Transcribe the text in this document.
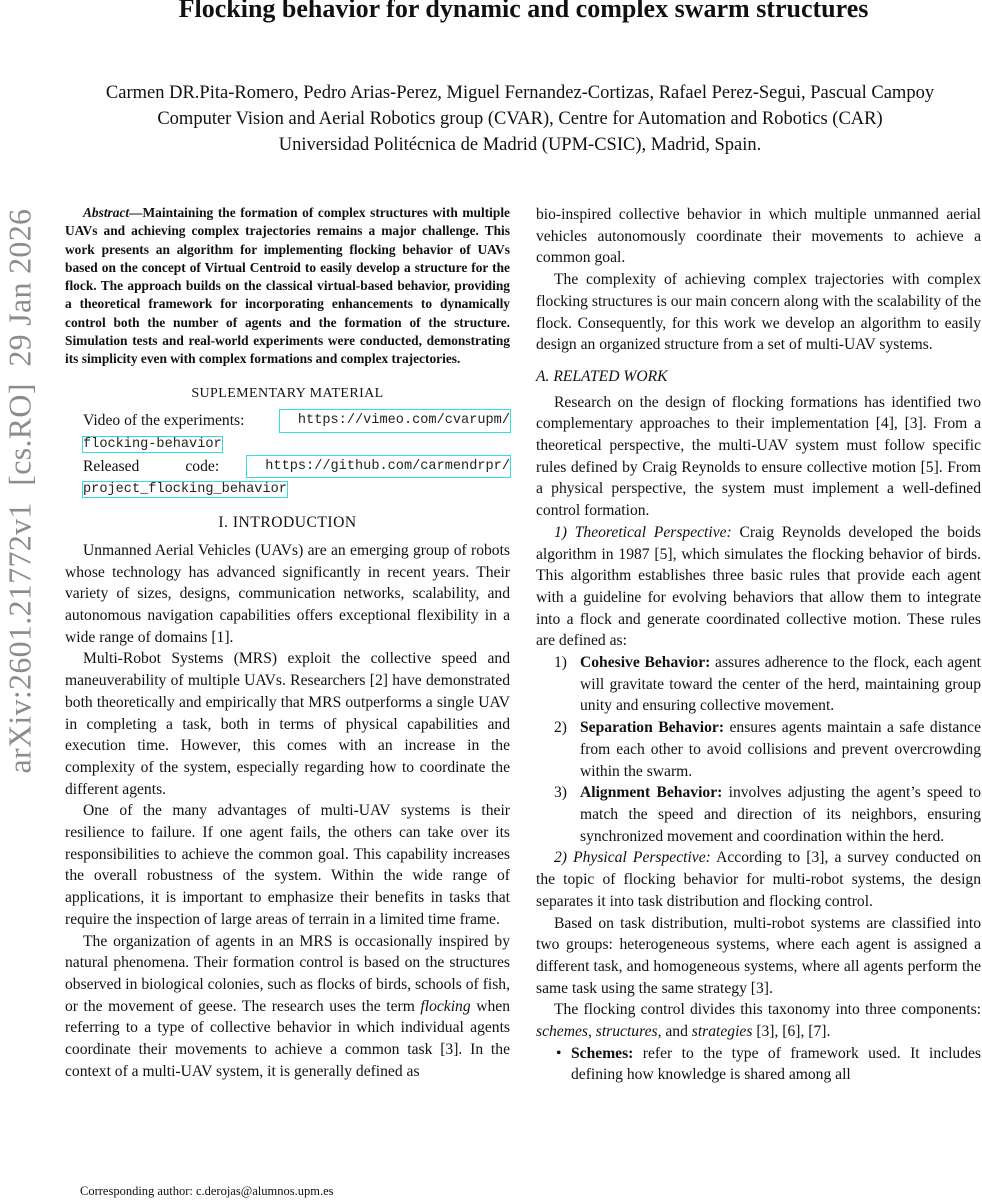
Flocking behavior for dynamic and complex swarm structures
Carmen DR.Pita-Romero, Pedro Arias-Perez, Miguel Fernandez-Cortizas, Rafael Perez-Segui, Pascual Campoy
Computer Vision and Aerial Robotics group (CVAR), Centre for Automation and Robotics (CAR)
Universidad Politécnica de Madrid (UPM-CSIC), Madrid, Spain.
arXiv:2601.21772v1  [cs.RO]  29 Jan 2026	Abstract—Maintaining the formation of complex structures with multiple UAVs and achieving complex trajectories remains a major challenge. This work presents an algorithm for implementing flocking behavior of UAVs based on the concept of Virtual Centroid to easily develop a structure for the flock. The approach builds on the classical virtual-based behavior, providing a theoretical framework for incorporating enhancements to dynamically control both the number of agents and the formation of the structure. Simulation tests and real-world experiments were conducted, demonstrating its simplicity even with complex formations and complex trajectories.

SUPLEMENTARY MATERIAL

Video of the experiments:	https://vimeo.com/cvarupm/

flocking-behavior

Released	code:	https://github.com/carmendrpr/

project_flocking_behavior

I. INTRODUCTION

Unmanned Aerial Vehicles (UAVs) are an emerging group of robots whose technology has advanced significantly in recent years. Their variety of sizes, designs, communication networks, scalability, and autonomous navigation capabilities offers exceptional flexibility in a wide range of domains [1].

Multi-Robot Systems (MRS) exploit the collective speed and maneuverability of multiple UAVs. Researchers [2] have demonstrated both theoretically and empirically that MRS outperforms a single UAV in completing a task, both in terms of physical capabilities and execution time. However, this comes with an increase in the complexity of the system, especially regarding how to coordinate the different agents.

One of the many advantages of multi-UAV systems is their resilience to failure. If one agent fails, the others can take over its responsibilities to achieve the common goal. This capability increases the overall robustness of the system. Within the wide range of applications, it is important to emphasize their benefits in tasks that require the inspection of large areas of terrain in a limited time frame.

The organization of agents in an MRS is occasionally inspired by natural phenomena. Their formation control is based on the structures observed in biological colonies, such as flocks of birds, schools of fish, or the movement of geese. The research uses the term flocking when referring to a type of collective behavior in which individual agents coordinate their movements to achieve a common task [3]. In the context of a multi-UAV system, it is generally defined as

bio-inspired collective behavior in which multiple unmanned aerial vehicles autonomously coordinate their movements to achieve a common goal.

The complexity of achieving complex trajectories with complex flocking structures is our main concern along with the scalability of the flock. Consequently, for this work we develop an algorithm to easily design an organized structure from a set of multi-UAV systems.

A. RELATED WORK

Research on the design of flocking formations has identified two complementary approaches to their implementation [4], [3]. From a theoretical perspective, the multi-UAV system must follow specific rules defined by Craig Reynolds to ensure collective motion [5]. From a physical perspective, the system must implement a well-defined control formation.

1) Theoretical Perspective: Craig Reynolds developed the boids algorithm in 1987 [5], which simulates the flocking behavior of birds. This algorithm establishes three basic rules that provide each agent with a guideline for evolving behaviors that allow them to integrate into a flock and generate coordinated collective motion. These rules are defined as:

1) Cohesive Behavior: assures adherence to the flock, each agent will gravitate toward the center of the herd, maintaining group unity and ensuring collective movement.
2) Separation Behavior: ensures agents maintain a safe distance from each other to avoid collisions and prevent overcrowding within the swarm.
3) Alignment Behavior: involves adjusting the agent’s speed to match the speed and direction of its neighbors, ensuring synchronized movement and coordination within the herd.

2) Physical Perspective: According to [3], a survey conducted on the topic of flocking behavior for multi-robot systems, the design separates it into task distribution and flocking control.

Based on task distribution, multi-robot systems are classified into two groups: heterogeneous systems, where each agent is assigned a different task, and homogeneous systems, where all agents perform the same task using the same strategy [3].

The flocking control divides this taxonomy into three components: schemes, structures, and strategies [3], [6], [7].

• Schemes: refer to the type of framework used. It includes defining how knowledge is shared among all
Corresponding author: c.derojas@alumnos.upm.es
